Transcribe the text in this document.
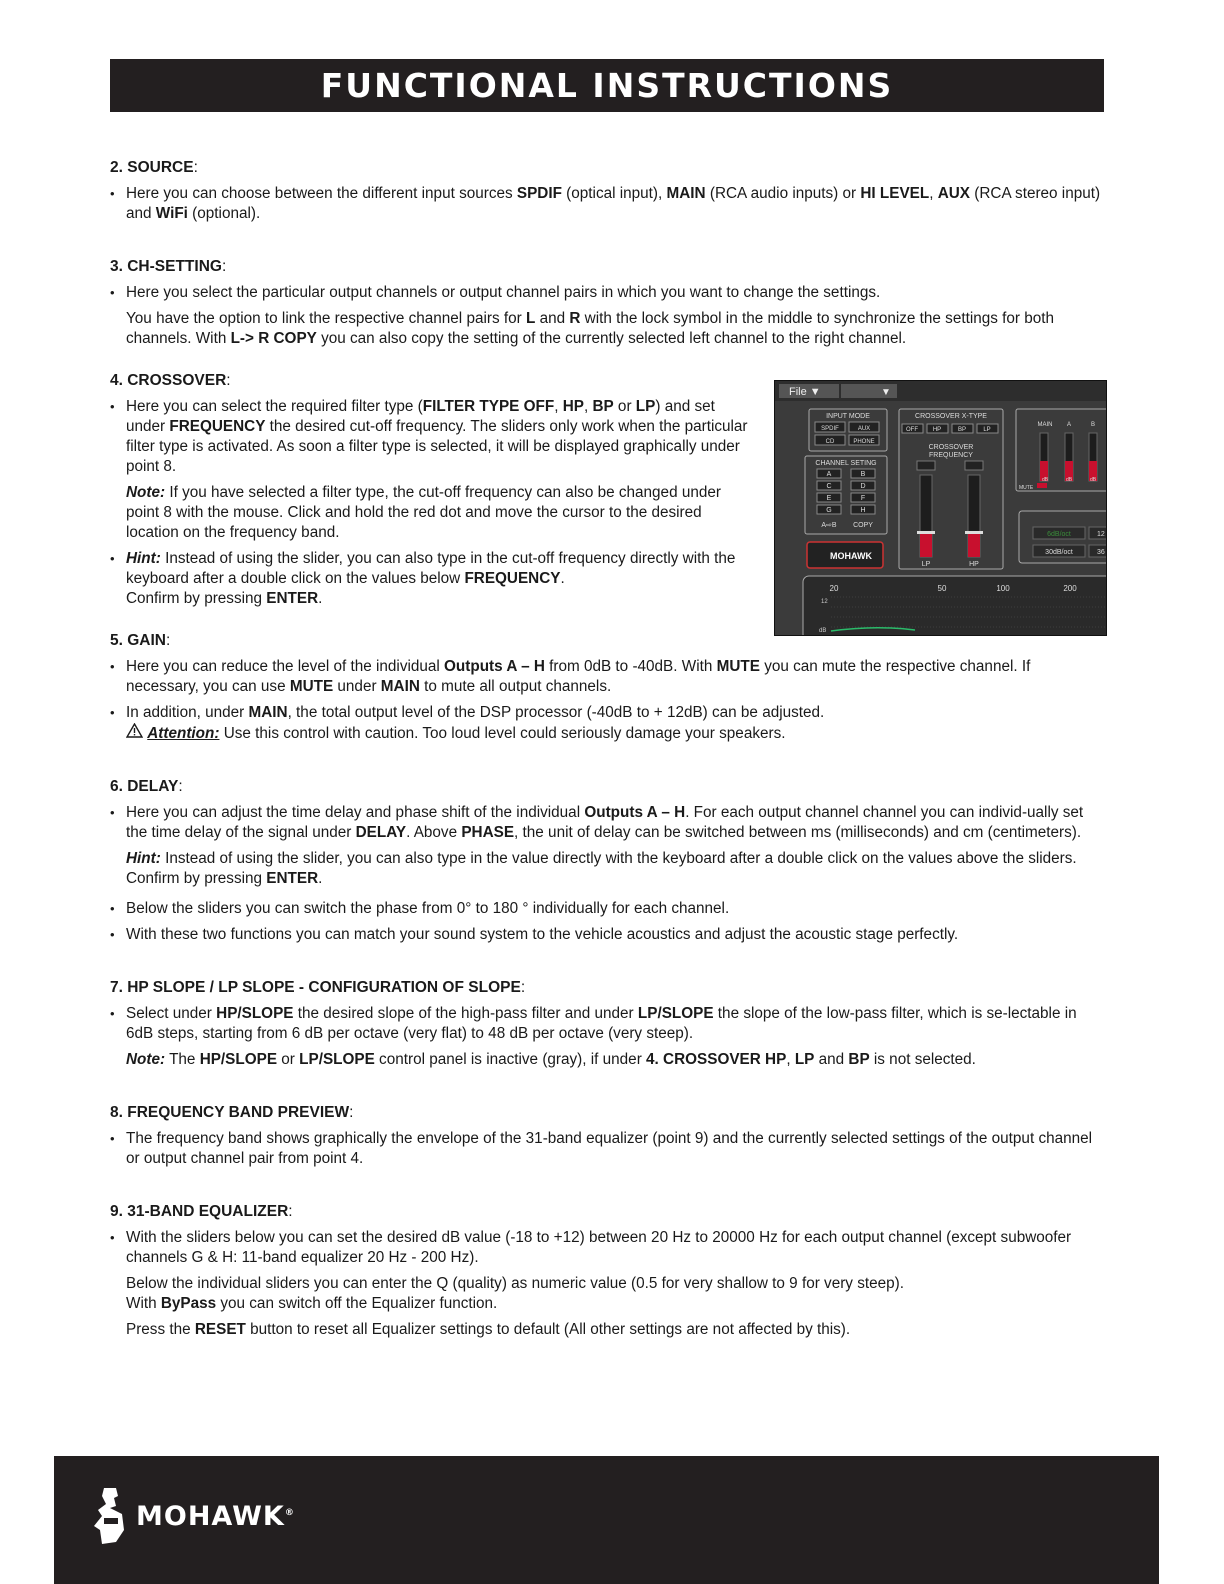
FUNCTIONAL INSTRUCTIONS
2. SOURCE:
• Here you can choose between the different input sources SPDIF (optical input), MAIN (RCA audio inputs) or HI LEVEL, AUX (RCA stereo input) and WiFi (optional).
3. CH-SETTING:
• Here you select the particular output channels or output channel pairs in which you want to change the settings.
You have the option to link the respective channel pairs for L and R with the lock symbol in the middle to synchronize the settings for both channels. With L-> R COPY you can also copy the setting of the currently selected left channel to the right channel.
4. CROSSOVER:
• Here you can select the required filter type (FILTER TYPE OFF, HP, BP or LP) and set under FREQUENCY the desired cut-off frequency. The sliders only work when the particular filter type is activated. As soon a filter type is selected, it will be displayed graphically under point 8.
Note: If you have selected a filter type, the cut-off frequency can also be changed under point 8 with the mouse. Click and hold the red dot and move the cursor to the desired location on the frequency band.
• Hint: Instead of using the slider, you can also type in the cut-off frequency directly with the keyboard after a double click on the values below FREQUENCY.
Confirm by pressing ENTER.
5. GAIN:
• Here you can reduce the level of the individual Outputs A – H from 0dB to -40dB. With MUTE you can mute the respective channel. If necessary, you can use MUTE under MAIN to mute all output channels.
• In addition, under MAIN, the total output level of the DSP processor (-40dB to + 12dB) can be adjusted.
Attention: Use this control with caution. Too loud level could seriously damage your speakers.
6. DELAY:
• Here you can adjust the time delay and phase shift of the individual Outputs A – H. For each output channel channel you can individ-ually set the time delay of the signal under DELAY. Above PHASE, the unit of delay can be switched between ms (milliseconds) and cm (centimeters).
Hint: Instead of using the slider, you can also type in the value directly with the keyboard after a double click on the values above the sliders. Confirm by pressing ENTER.
• Below the sliders you can switch the phase from 0° to 180 ° individually for each channel.
• With these two functions you can match your sound system to the vehicle acoustics and adjust the acoustic stage perfectly.
7. HP SLOPE / LP SLOPE - CONFIGURATION OF SLOPE:
• Select under HP/SLOPE the desired slope of the high-pass filter and under LP/SLOPE the slope of the low-pass filter, which is se-lectable in 6dB steps, starting from 6 dB per octave (very flat) to 48 dB per octave (very steep).
Note: The HP/SLOPE or LP/SLOPE control panel is inactive (gray), if under 4. CROSSOVER HP, LP and BP is not selected.
8. FREQUENCY BAND PREVIEW:
• The frequency band shows graphically the envelope of the 31-band equalizer (point 9) and the currently selected settings of the output channel or output channel pair from point 4.
9. 31-BAND EQUALIZER:
• With the sliders below you can set the desired dB value (-18 to +12) between 20 Hz to 20000 Hz for each output channel (except subwoofer channels G & H: 11-band equalizer 20 Hz - 200 Hz).
Below the individual sliders you can enter the Q (quality) as numeric value (0.5 for very shallow to 9 for very steep).
With ByPass you can switch off the Equalizer function.
Press the RESET button to reset all Equalizer settings to default (All other settings are not affected by this).
File ▼	▼
INPUT MODE
SPDIF	AUX
CD	PHONE
CHANNEL SETING
A	B
C	D
E	F
G	H
A⇨B COPY
MOHAWK
CROSSOVER X-TYPE
OFF HP	BP	LP
CROSSOVER
FREQUENCY
LP	HP
MAIN A	B
MUTE
dB	dB	dB
6dB/oct	12
30dB/oct	36
20	50	100	200
12
dB
MOHAWK®
